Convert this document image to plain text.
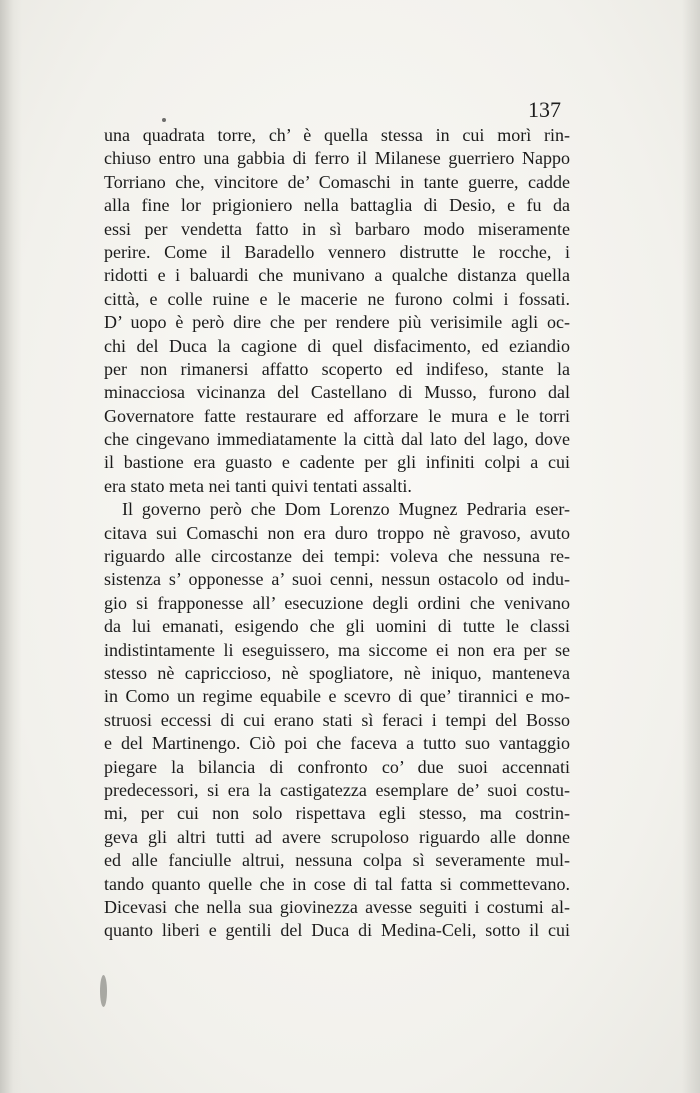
137
una quadrata torre, ch’ è quella stessa in cui morì rin-
chiuso entro una gabbia di ferro il Milanese guerriero Nappo
Torriano che, vincitore de’ Comaschi in tante guerre, cadde
alla fine lor prigioniero nella battaglia di Desio, e fu da
essi per vendetta fatto in sì barbaro modo miseramente
perire. Come il Baradello vennero distrutte le rocche, i
ridotti e i baluardi che munivano a qualche distanza quella
città, e colle ruine e le macerie ne furono colmi i fossati.
D’ uopo è però dire che per rendere più verisimile agli oc-
chi del Duca la cagione di quel disfacimento, ed eziandio
per non rimanersi affatto scoperto ed indifeso, stante la
minacciosa vicinanza del Castellano di Musso, furono dal
Governatore fatte restaurare ed afforzare le mura e le torri
che cingevano immediatamente la città dal lato del lago, dove
il bastione era guasto e cadente per gli infiniti colpi a cui
era stato meta nei tanti quivi tentati assalti.
Il governo però che Dom Lorenzo Mugnez Pedraria eser-
citava sui Comaschi non era duro troppo nè gravoso, avuto
riguardo alle circostanze dei tempi: voleva che nessuna re-
sistenza s’ opponesse a’ suoi cenni, nessun ostacolo od indu-
gio si frapponesse all’ esecuzione degli ordini che venivano
da lui emanati, esigendo che gli uomini di tutte le classi
indistintamente li eseguissero, ma siccome ei non era per se
stesso nè capriccioso, nè spogliatore, nè iniquo, manteneva
in Como un regime equabile e scevro di que’ tirannici e mo-
struosi eccessi di cui erano stati sì feraci i tempi del Bosso
e del Martinengo. Ciò poi che faceva a tutto suo vantaggio
piegare la bilancia di confronto co’ due suoi accennati
predecessori, si era la castigatezza esemplare de’ suoi costu-
mi, per cui non solo rispettava egli stesso, ma costrin-
geva gli altri tutti ad avere scrupoloso riguardo alle donne
ed alle fanciulle altrui, nessuna colpa sì severamente mul-
tando quanto quelle che in cose di tal fatta si commettevano.
Dicevasi che nella sua giovinezza avesse seguiti i costumi al-
quanto liberi e gentili del Duca di Medina-Celi, sotto il cui
